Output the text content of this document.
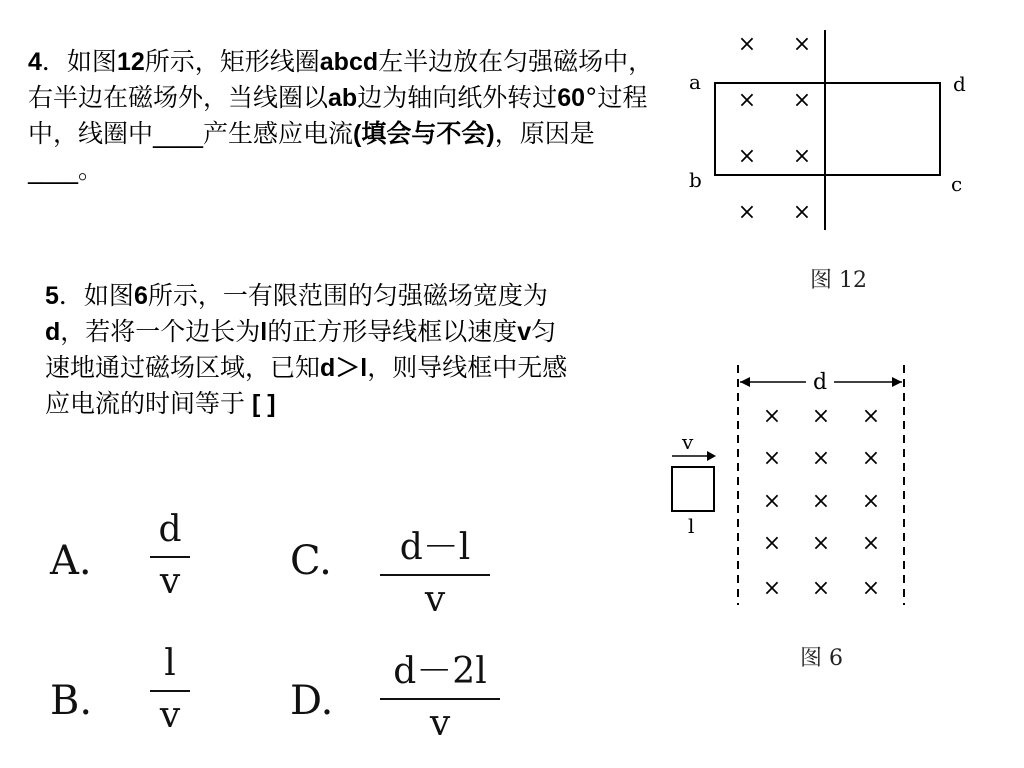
4．如图12所示，矩形线圈abcd左半边放在匀强磁场中，右半边在磁场外，当线圈以ab边为轴向纸外转过60°过程中，线圈中____产生感应电流(填会与不会)，原因是____。
5．如图6所示，一有限范围的匀强磁场宽度为d，若将一个边长为l的正方形导线框以速度v匀速地通过磁场区域，已知d＞l，则导线框中无感应电流的时间等于 [ ]
× ×
× ×
× ×
× ×
a
b	c
d
图 12
d
× × ×
× × ×
× × ×
× × ×
× × ×
v
l
图 6
A.
d
v
B.
l
v
C.	d－l
v
D.
d－2l
v
